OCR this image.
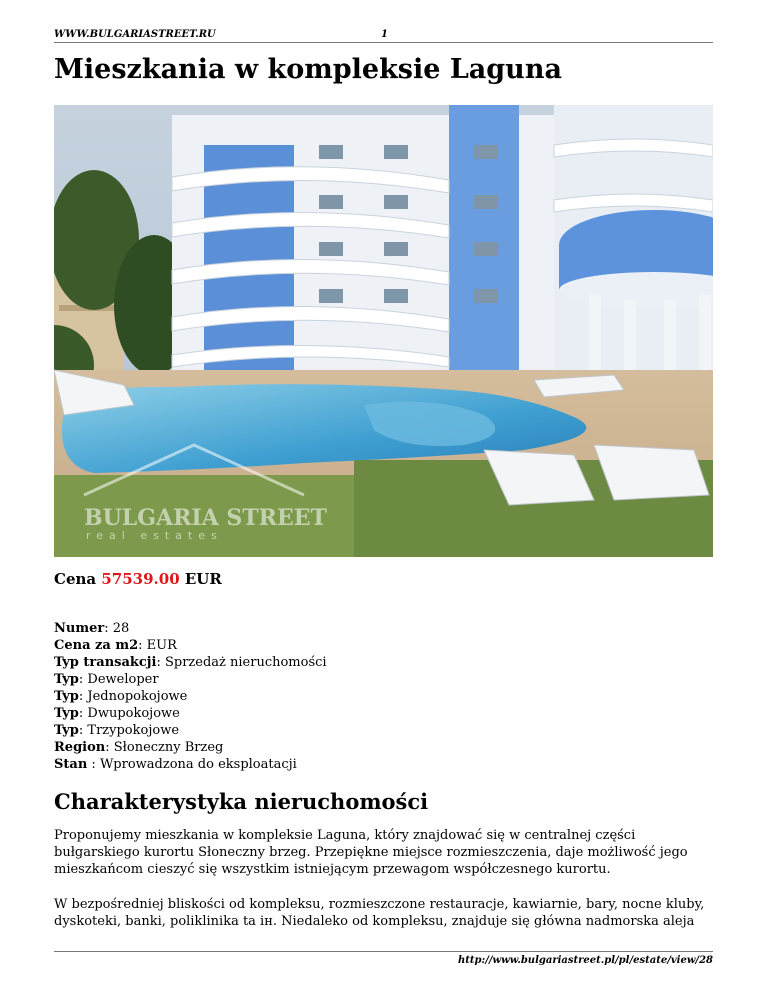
WWW.BULGARIASTREET.RU	1
Mieszkania w kompleksie Laguna
BULGARIA STREET
real estates
Cena 57539.00 EUR
Numer: 28
Cena za m2: EUR
Typ transakcji: Sprzedaż nieruchomości
Typ: Deweloper
Typ: Jednopokojowe
Typ: Dwupokojowe
Typ: Trzypokojowe
Region: Słoneczny Brzeg
Stan : Wprowadzona do eksploatacji
Charakterystyka nieruchomości

Proponujemy mieszkania w kompleksie Laguna, który znajdować się w centralnej części bułgarskiego kurortu Słoneczny brzeg. Przepiękne miejsce rozmieszczenia, daje możliwość jego mieszkańcom cieszyć się wszystkim istniejącym przewagom współczesnego kurortu.

W bezpośredniej bliskości od kompleksu, rozmieszczone restauracje, kawiarnie, bary, nocne kluby, dyskoteki, banki, poliklinika ta ін. Niedaleko od kompleksu, znajduje się główna nadmorska aleja

http://www.bulgariastreet.pl/pl/estate/view/28
